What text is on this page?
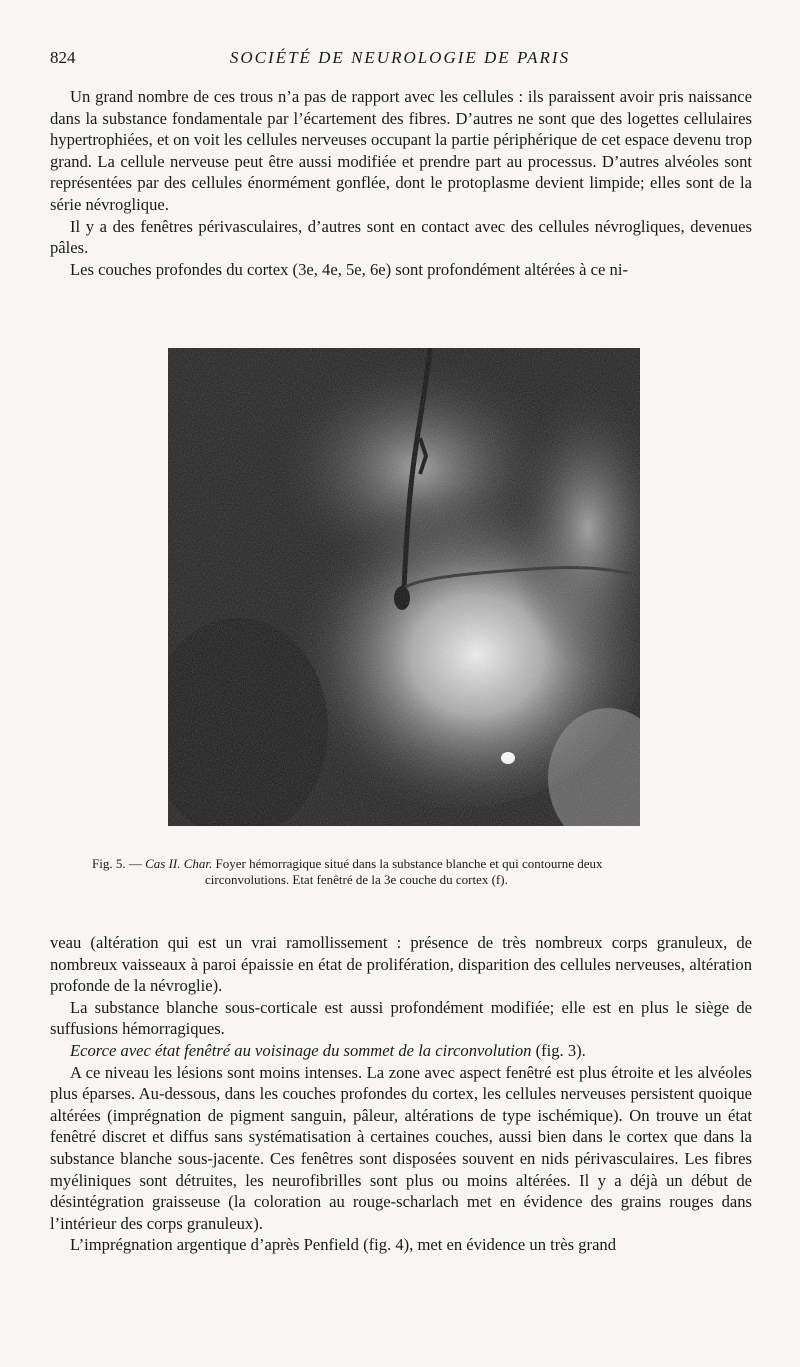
824	SOCIÉTÉ DE NEUROLOGIE DE PARIS

Un grand nombre de ces trous n’a pas de rapport avec les cellules : ils paraissent avoir pris naissance dans la substance fondamentale par l’écartement des fibres. D’autres ne sont que des logettes cellulaires hypertrophiées, et on voit les cellules nerveuses occupant la partie périphérique de cet espace devenu trop grand. La cellule nerveuse peut être aussi modifiée et prendre part au processus. D’autres alvéoles sont représentées par des cellules énormément gonflée, dont le protoplasme devient limpide; elles sont de la série névroglique.

Il y a des fenêtres périvasculaires, d’autres sont en contact avec des cellules névrogliques, devenues pâles.

Les couches profondes du cortex (3e, 4e, 5e, 6e) sont profondément altérées à ce ni-

Fig. 5. — Cas II. Char. Foyer hémorragique situé dans la substance blanche et qui contourne deux
circonvolutions. Etat fenêtré de la 3e couche du cortex (f).

veau (altération qui est un vrai ramollissement : présence de très nombreux corps granuleux, de nombreux vaisseaux à paroi épaissie en état de prolifération, disparition des cellules nerveuses, altération profonde de la névroglie).

La substance blanche sous-corticale est aussi profondément modifiée; elle est en plus le siège de suffusions hémorragiques.

Ecorce avec état fenêtré au voisinage du sommet de la circonvolution (fig. 3).

A ce niveau les lésions sont moins intenses. La zone avec aspect fenêtré est plus étroite et les alvéoles plus éparses. Au-dessous, dans les couches profondes du cortex, les cellules nerveuses persistent quoique altérées (imprégnation de pigment sanguin, pâleur, altérations de type ischémique). On trouve un état fenêtré discret et diffus sans systématisation à certaines couches, aussi bien dans le cortex que dans la substance blanche sous-jacente. Ces fenêtres sont disposées souvent en nids périvasculaires. Les fibres myéliniques sont détruites, les neurofibrilles sont plus ou moins altérées. Il y a déjà un début de désintégration graisseuse (la coloration au rouge-scharlach met en évidence des grains rouges dans l’intérieur des corps granuleux).

L’imprégnation argentique d’après Penfield (fig. 4), met en évidence un très grand
